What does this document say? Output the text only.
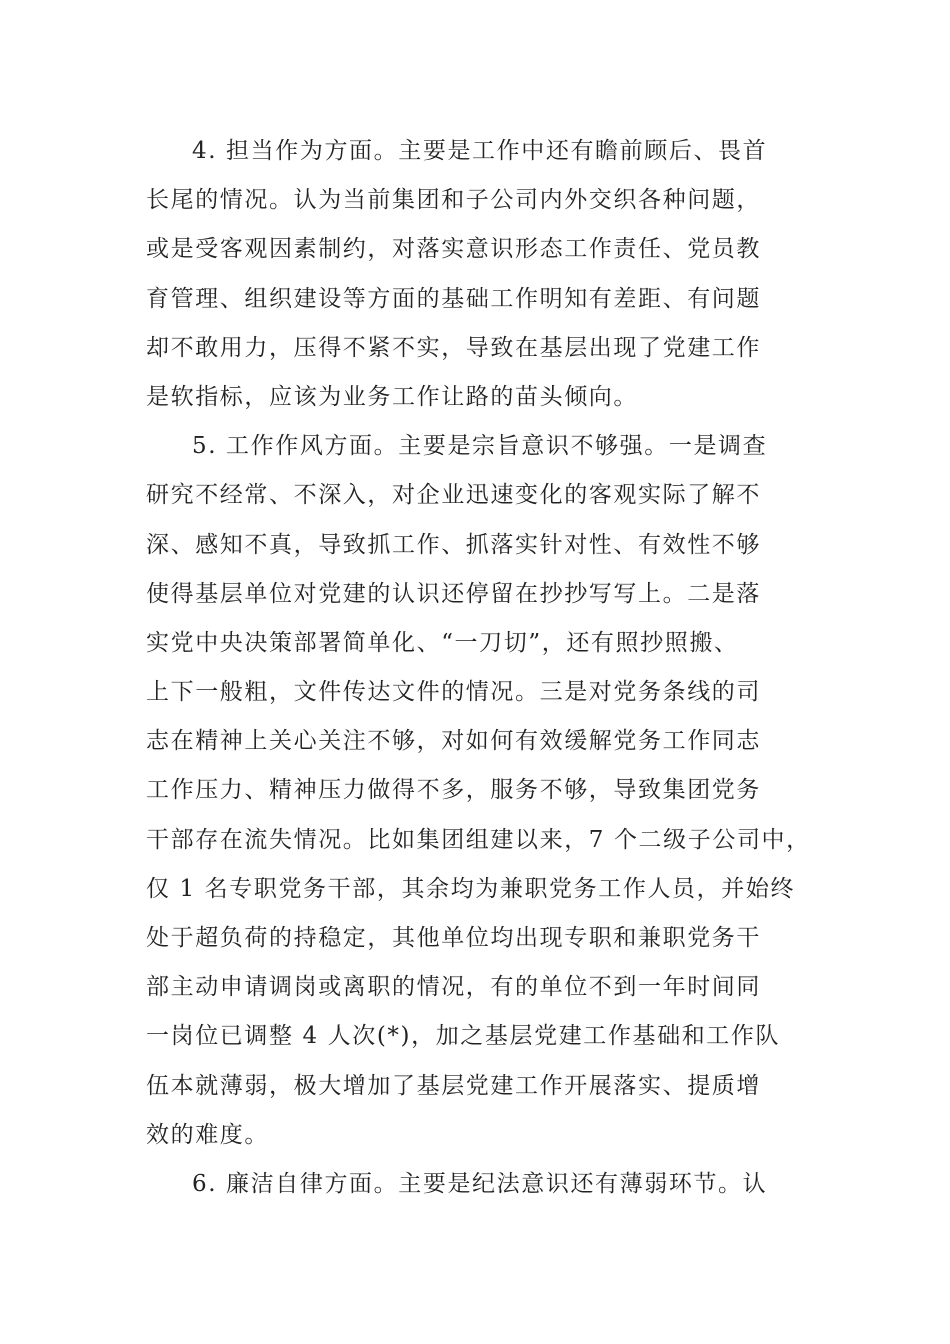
4. 担当作为方面。主要是工作中还有瞻前顾后、畏首
长尾的情况。认为当前集团和子公司内外交织各种问题，
或是受客观因素制约，对落实意识形态工作责任、党员教
育管理、组织建设等方面的基础工作明知有差距、有问题
却不敢用力，压得不紧不实，导致在基层出现了党建工作
是软指标，应该为业务工作让路的苗头倾向。
5. 工作作风方面。主要是宗旨意识不够强。一是调查
研究不经常、不深入，对企业迅速变化的客观实际了解不
深、感知不真，导致抓工作、抓落实针对性、有效性不够
使得基层单位对党建的认识还停留在抄抄写写上。二是落
实党中央决策部署简单化、“一刀切”，还有照抄照搬、
上下一般粗，文件传达文件的情况。三是对党务条线的司
志在精神上关心关注不够，对如何有效缓解党务工作同志
工作压力、精神压力做得不多，服务不够，导致集团党务
干部存在流失情况。比如集团组建以来，7 个二级子公司中，
仅 1 名专职党务干部，其余均为兼职党务工作人员，并始终
处于超负荷的持稳定，其他单位均出现专职和兼职党务干
部主动申请调岗或离职的情况，有的单位不到一年时间同
一岗位已调整 4 人次(*)，加之基层党建工作基础和工作队
伍本就薄弱，极大增加了基层党建工作开展落实、提质增
效的难度。
6. 廉洁自律方面。主要是纪法意识还有薄弱环节。认
